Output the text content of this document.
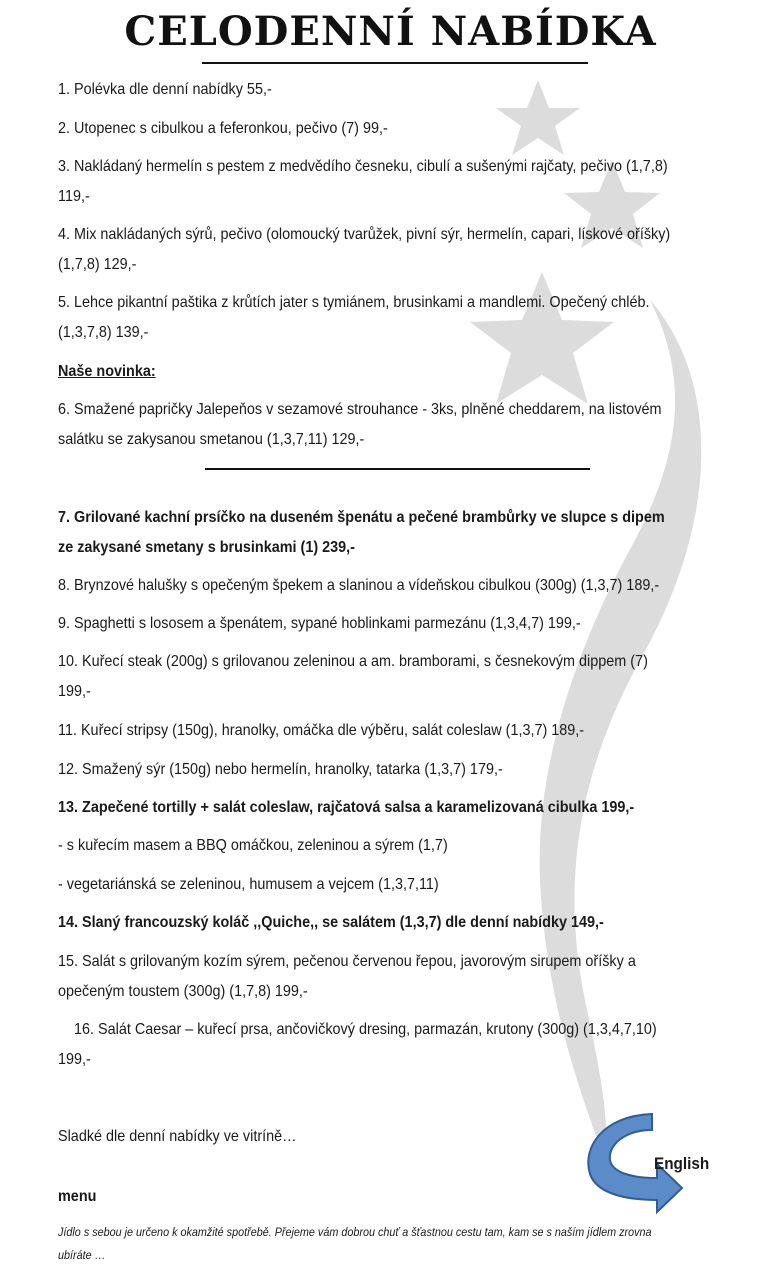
CELODENNÍ NABÍDKA

1. Polévka dle denní nabídky 55,-

2. Utopenec s cibulkou a feferonkou, pečivo (7) 99,-

3. Nakládaný hermelín s pestem z medvědího česneku, cibulí a sušenými rajčaty, pečivo (1,7,8)

119,-

4. Mix nakládaných sýrů, pečivo (olomoucký tvarůžek, pivní sýr, hermelín, capari, lískové oříšky)

(1,7,8) 129,-

5. Lehce pikantní paštika z krůtích jater s tymiánem, brusinkami a mandlemi. Opečený chléb.

(1,3,7,8) 139,-

Naše novinka:

6. Smažené papričky Jalepeňos v sezamové strouhance - 3ks, plněné cheddarem, na listovém

salátku se zakysanou smetanou (1,3,7,11) 129,-

7. Grilované kachní prsíčko na duseném špenátu a pečené brambůrky ve slupce s dipem

ze zakysané smetany s brusinkami (1) 239,-

8. Brynzové halušky s opečeným špekem a slaninou a vídeňskou cibulkou (300g) (1,3,7) 189,-

9. Spaghetti s lososem a špenátem, sypané hoblinkami parmezánu (1,3,4,7) 199,-

10. Kuřecí steak (200g) s grilovanou zeleninou a am. bramborami, s česnekovým dippem (7)

199,-

11. Kuřecí stripsy (150g), hranolky, omáčka dle výběru, salát coleslaw (1,3,7) 189,-

12. Smažený sýr (150g) nebo hermelín, hranolky, tatarka (1,3,7) 179,-

13. Zapečené tortilly + salát coleslaw, rajčatová salsa a karamelizovaná cibulka 199,-

- s kuřecím masem a BBQ omáčkou, zeleninou a sýrem (1,7)

- vegetariánská se zeleninou, humusem a vejcem (1,3,7,11)

14. Slaný francouzský koláč ,,Quiche,, se salátem (1,3,7) dle denní nabídky 149,-

15. Salát s grilovaným kozím sýrem, pečenou červenou řepou, javorovým sirupem oříšky a

opečeným toustem (300g) (1,7,8) 199,-

16. Salát Caesar – kuřecí prsa, ančovičkový dresing, parmazán, krutony (300g) (1,3,4,7,10)

199,-

Sladké dle denní nabídky ve vitríně…

menu

English

Jídlo s sebou je určeno k okamžité spotřebě. Přejeme vám dobrou chuť a šťastnou cestu tam, kam se s naším jídlem zrovna

ubíráte …
